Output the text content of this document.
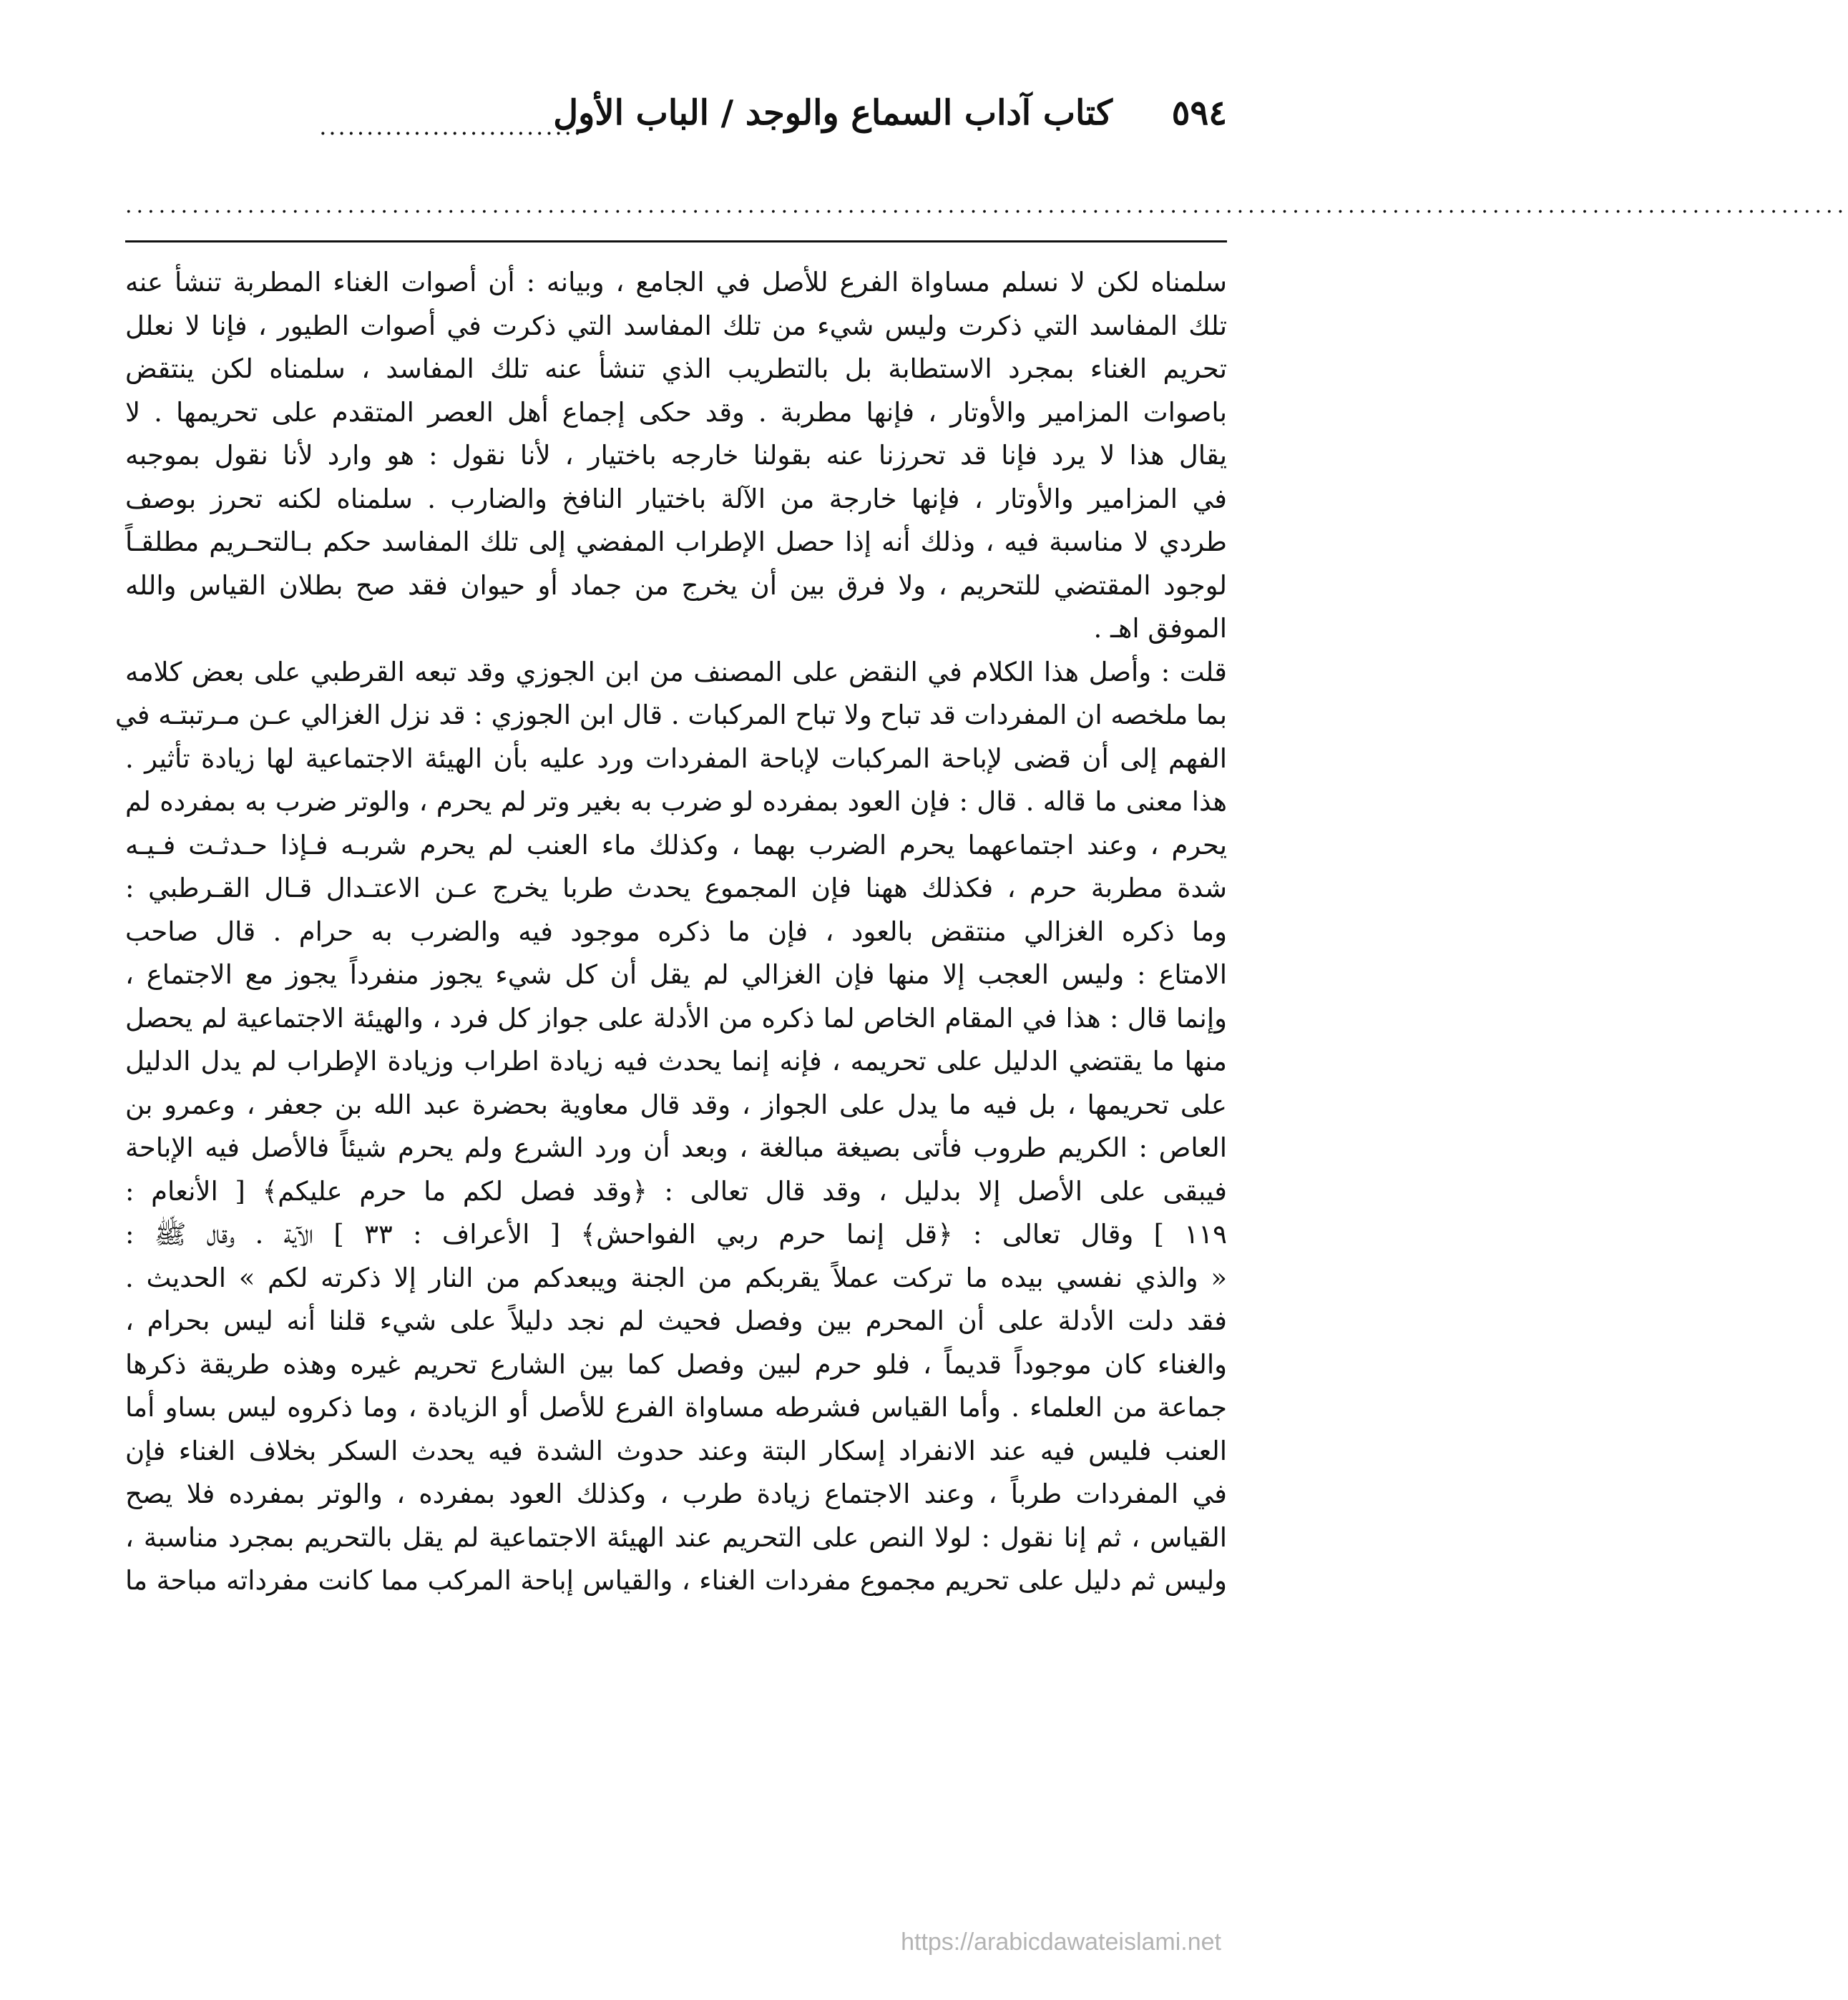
٥٩٤
كتاب آداب السماع والوجد / الباب الأول
............................
...........................................................................................................................................................
سلمناه لكن لا نسلم مساواة الفرع للأصل في الجامع ، وبيانه : أن أصوات الغناء المطربة تنشأ عنه
تلك المفاسد التي ذكرت وليس شيء من تلك المفاسد التي ذكرت في أصوات الطيور ، فإنا لا نعلل
تحريم الغناء بمجرد الاستطابة بل بالتطريب الذي تنشأ عنه تلك المفاسد ، سلمناه لكن ينتقض
باصوات المزامير والأوتار ، فإنها مطربة . وقد حكى إجماع أهل العصر المتقدم على تحريمها . لا
يقال هذا لا يرد فإنا قد تحرزنا عنه بقولنا خارجه باختيار ، لأنا نقول : هو وارد لأنا نقول بموجبه
في المزامير والأوتار ، فإنها خارجة من الآلة باختيار النافخ والضارب . سلمناه لكنه تحرز بوصف
طردي لا مناسبة فيه ، وذلك أنه إذا حصل الإطراب المفضي إلى تلك المفاسد حكم بـالتحـريم مطلقـاً
لوجود المقتضي للتحريم ، ولا فرق بين أن يخرج من جماد أو حيوان فقد صح بطلان القياس والله
الموفق اهـ .
قلت : وأصل هذا الكلام في النقض على المصنف من ابن الجوزي وقد تبعه القرطبي على بعض كلامه
بما ملخصه ان المفردات قد تباح ولا تباح المركبات . قال ابن الجوزي : قد نزل الغزالي عـن مـرتبتـه في
الفهم إلى أن قضى لإباحة المركبات لإباحة المفردات ورد عليه بأن الهيئة الاجتماعية لها زيادة تأثير .
هذا معنى ما قاله . قال : فإن العود بمفرده لو ضرب به بغير وتر لم يحرم ، والوتر ضرب به بمفرده لم
يحرم ، وعند اجتماعهما يحرم الضرب بهما ، وكذلك ماء العنب لم يحرم شربـه فـإذا حـدثـت فـيـه
شدة مطربة حرم ، فكذلك ههنا فإن المجموع يحدث طربا يخرج عـن الاعتـدال قـال القـرطبي :
وما ذكره الغزالي منتقض بالعود ، فإن ما ذكره موجود فيه والضرب به حرام . قال صاحب
الامتاع : وليس العجب إلا منها فإن الغزالي لم يقل أن كل شيء يجوز منفرداً يجوز مع الاجتماع ،
وإنما قال : هذا في المقام الخاص لما ذكره من الأدلة على جواز كل فرد ، والهيئة الاجتماعية لم يحصل
منها ما يقتضي الدليل على تحريمه ، فإنه إنما يحدث فيه زيادة اطراب وزيادة الإطراب لم يدل الدليل
على تحريمها ، بل فيه ما يدل على الجواز ، وقد قال معاوية بحضرة عبد الله بن جعفر ، وعمرو بن
العاص : الكريم طروب فأتى بصيغة مبالغة ، وبعد أن ورد الشرع ولم يحرم شيئاً فالأصل فيه الإباحة
فيبقى على الأصل إلا بدليل ، وقد قال تعالى : ﴿وقد فصل لكم ما حرم عليكم﴾ [ الأنعام :
١١٩ ] وقال تعالى : ﴿قل إنما حرم ربي الفواحش﴾ [ الأعراف : ٣٣ ] الآية . وقال ﷺ :
« والذي نفسي بيده ما تركت عملاً يقربكم من الجنة ويبعدكم من النار إلا ذكرته لكم » الحديث .
فقد دلت الأدلة على أن المحرم بين وفصل فحيث لم نجد دليلاً على شيء قلنا أنه ليس بحرام ،
والغناء كان موجوداً قديماً ، فلو حرم لبين وفصل كما بين الشارع تحريم غيره وهذه طريقة ذكرها
جماعة من العلماء . وأما القياس فشرطه مساواة الفرع للأصل أو الزيادة ، وما ذكروه ليس بساو أما
العنب فليس فيه عند الانفراد إسكار البتة وعند حدوث الشدة فيه يحدث السكر بخلاف الغناء فإن
في المفردات طرباً ، وعند الاجتماع زيادة طرب ، وكذلك العود بمفرده ، والوتر بمفرده فلا يصح
القياس ، ثم إنا نقول : لولا النص على التحريم عند الهيئة الاجتماعية لم يقل بالتحريم بمجرد مناسبة ،
وليس ثم دليل على تحريم مجموع مفردات الغناء ، والقياس إباحة المركب مما كانت مفرداته مباحة ما
https://arabicdawateislami.net
